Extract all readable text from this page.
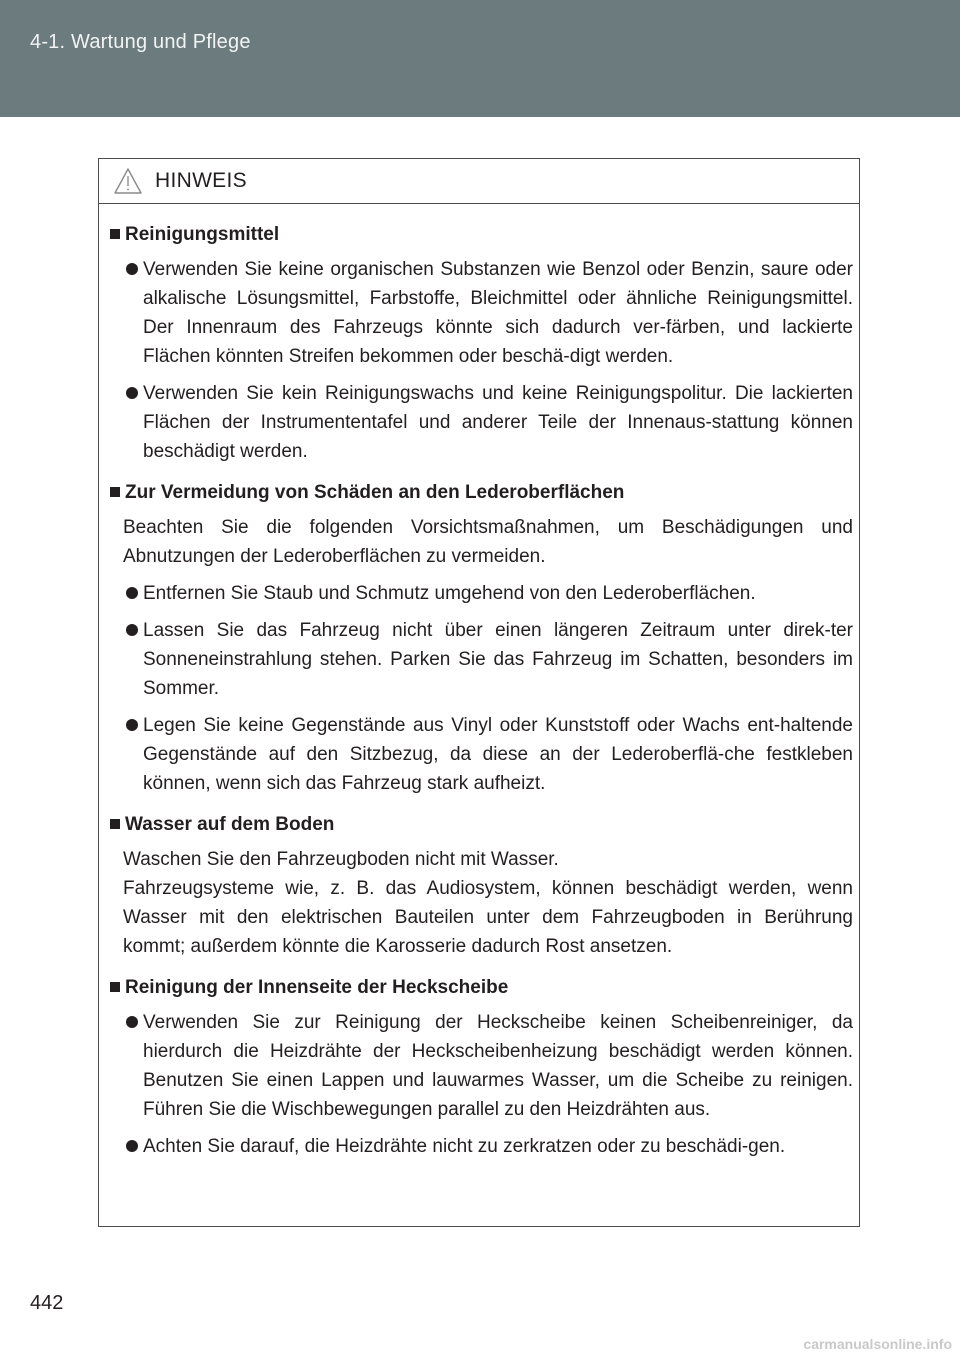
4-1. Wartung und Pflege
HINWEIS
Reinigungsmittel
Verwenden Sie keine organischen Substanzen wie Benzol oder Benzin, saure oder alkalische Lösungsmittel, Farbstoffe, Bleichmittel oder ähnliche Reinigungsmittel. Der Innenraum des Fahrzeugs könnte sich dadurch ver-färben, und lackierte Flächen könnten Streifen bekommen oder beschä-digt werden.
Verwenden Sie kein Reinigungswachs und keine Reinigungspolitur. Die lackierten Flächen der Instrumententafel und anderer Teile der Innenaus-stattung können beschädigt werden.
Zur Vermeidung von Schäden an den Lederoberflächen
Beachten Sie die folgenden Vorsichtsmaßnahmen, um Beschädigungen und Abnutzungen der Lederoberflächen zu vermeiden.
Entfernen Sie Staub und Schmutz umgehend von den Lederoberflächen.
Lassen Sie das Fahrzeug nicht über einen längeren Zeitraum unter direk-ter Sonneneinstrahlung stehen. Parken Sie das Fahrzeug im Schatten, besonders im Sommer.
Legen Sie keine Gegenstände aus Vinyl oder Kunststoff oder Wachs ent-haltende Gegenstände auf den Sitzbezug, da diese an der Lederoberflä-che festkleben können, wenn sich das Fahrzeug stark aufheizt.
Wasser auf dem Boden
Waschen Sie den Fahrzeugboden nicht mit Wasser.
Fahrzeugsysteme wie, z. B. das Audiosystem, können beschädigt werden, wenn Wasser mit den elektrischen Bauteilen unter dem Fahrzeugboden in Berührung kommt; außerdem könnte die Karosserie dadurch Rost ansetzen.
Reinigung der Innenseite der Heckscheibe
Verwenden Sie zur Reinigung der Heckscheibe keinen Scheibenreiniger, da hierdurch die Heizdrähte der Heckscheibenheizung beschädigt werden können. Benutzen Sie einen Lappen und lauwarmes Wasser, um die Scheibe zu reinigen. Führen Sie die Wischbewegungen parallel zu den Heizdrähten aus.
Achten Sie darauf, die Heizdrähte nicht zu zerkratzen oder zu beschädi-gen.
442
carmanualsonline.info
